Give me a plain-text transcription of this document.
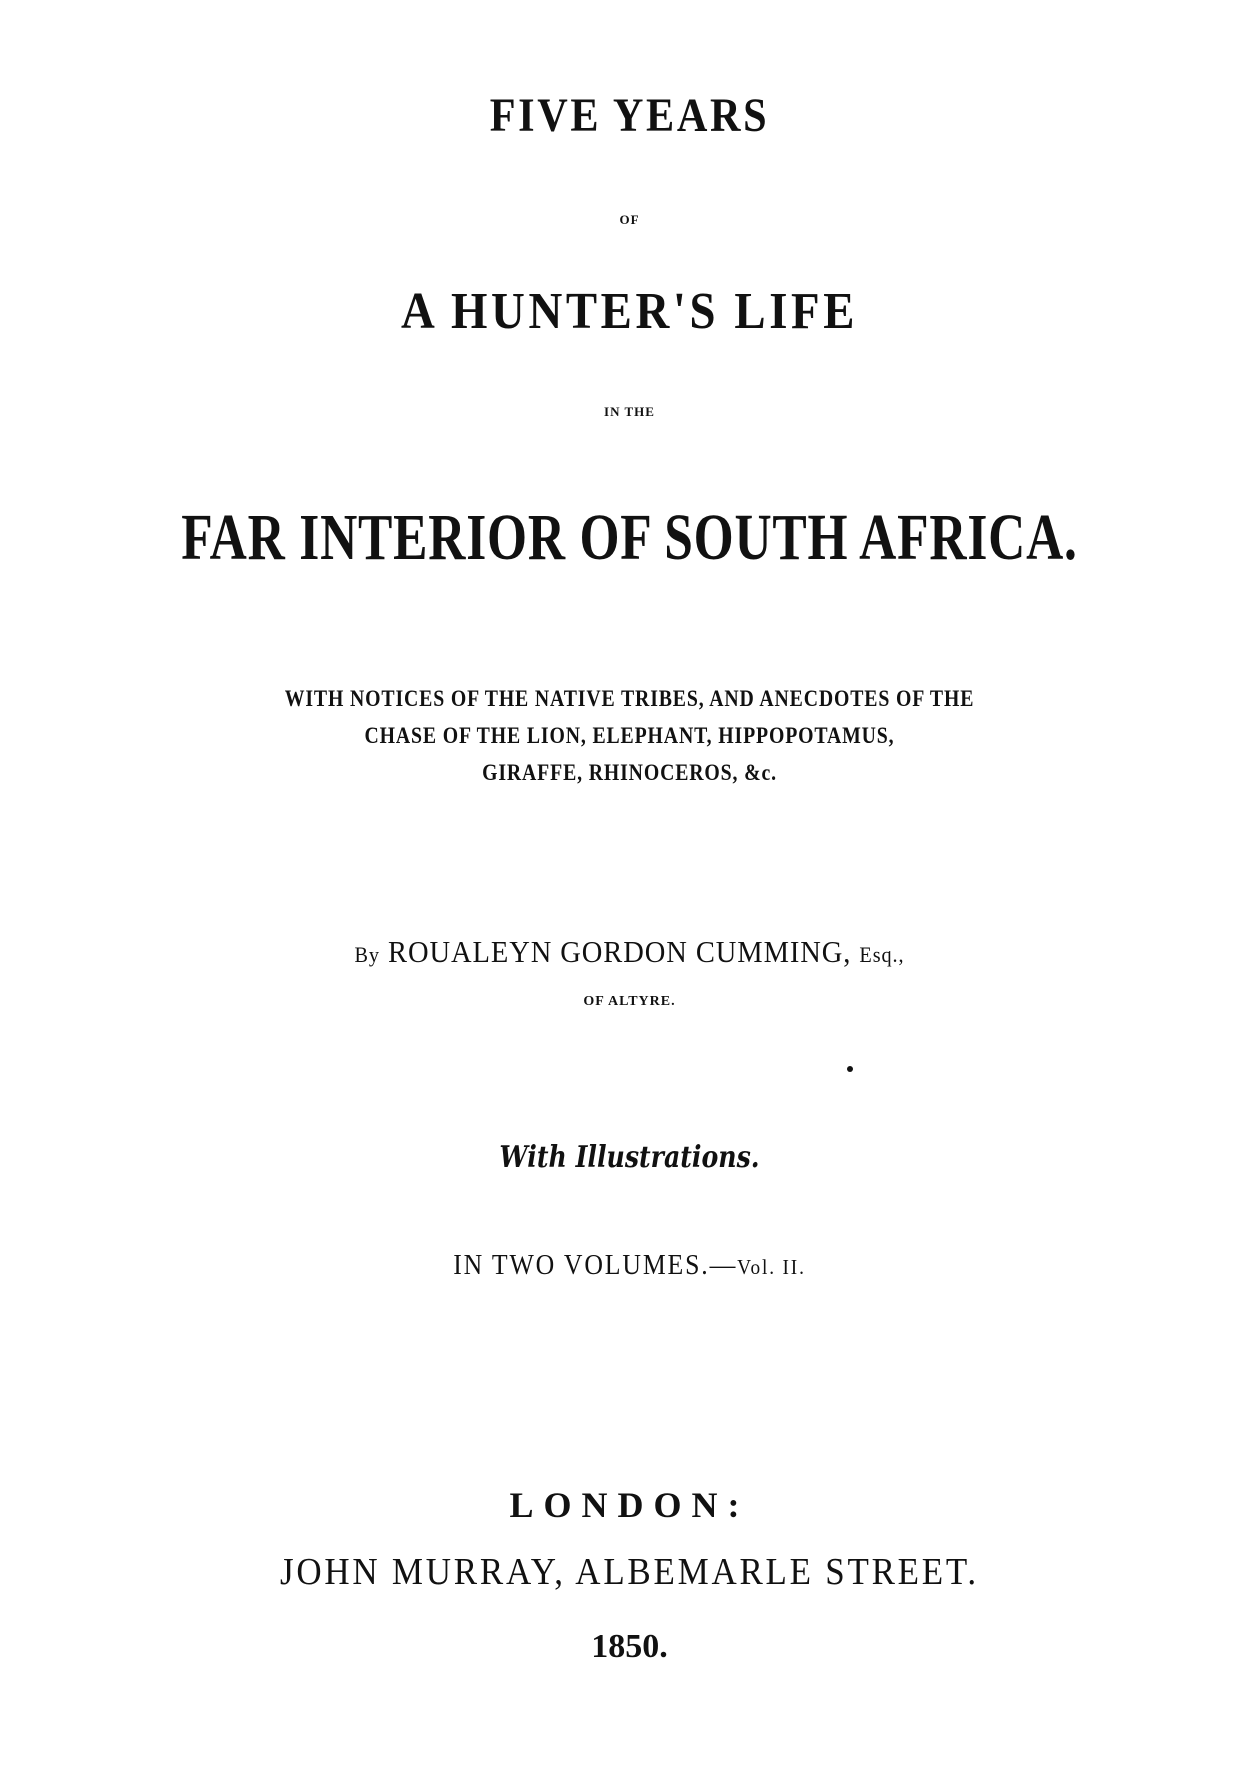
FIVE YEARS
OF
A HUNTER'S LIFE
IN THE
FAR INTERIOR OF SOUTH AFRICA.
WITH NOTICES OF THE NATIVE TRIBES, AND ANECDOTES OF THE
CHASE OF THE LION, ELEPHANT, HIPPOPOTAMUS,
GIRAFFE, RHINOCEROS, &c.
By ROUALEYN GORDON CUMMING, Esq.,
OF ALTYRE.
With Illustrations.
IN TWO VOLUMES.—Vol. II.
LONDON:
JOHN MURRAY, ALBEMARLE STREET.
1850.
